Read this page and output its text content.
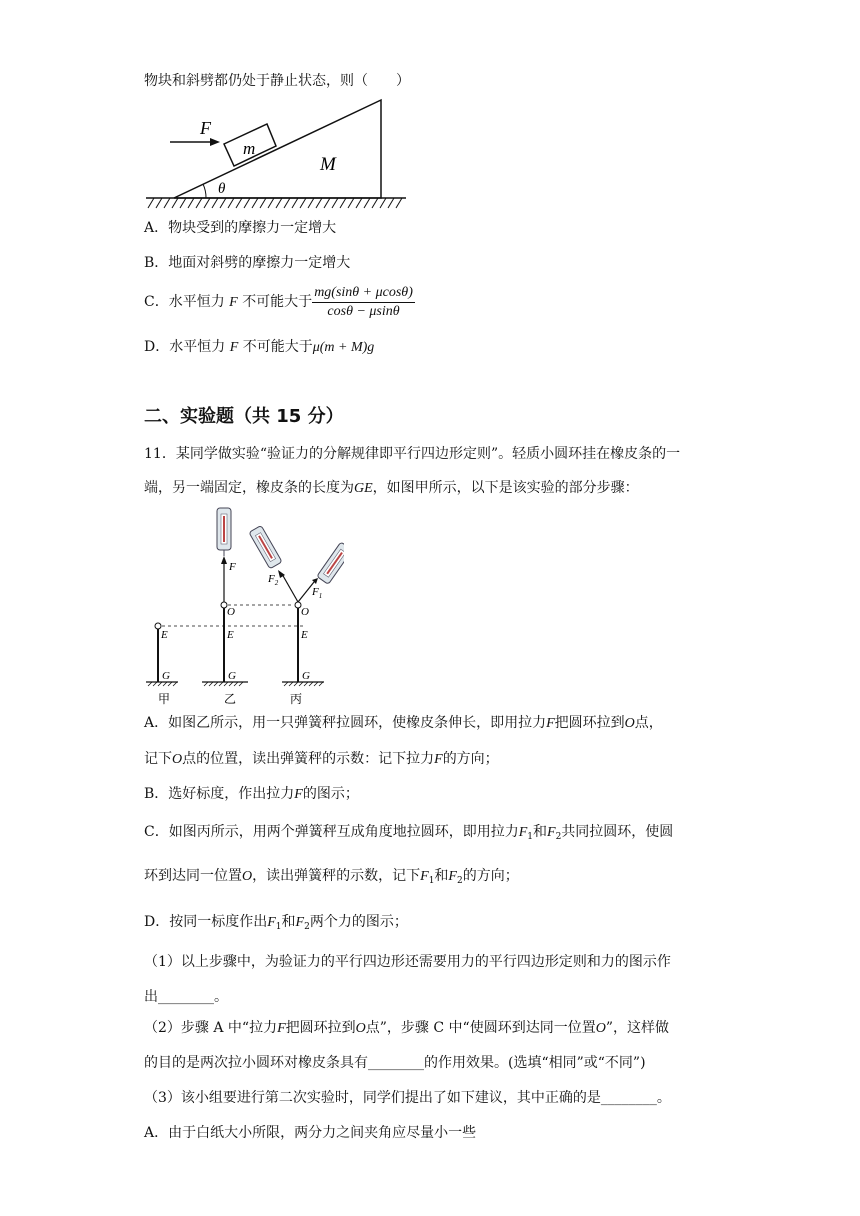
物块和斜劈都仍处于静止状态，则（　　）
F
m
M
θ
A．物块受到的摩擦力一定增大
B．地面对斜劈的摩擦力一定增大
C．水平恒力 F 不可能大于 $\frac{mg(\sin\theta + \mu\cos\theta)}{\cos\theta - \mu\sin\theta}$
D．水平恒力 F 不可能大于μ(m + M)g
二、实验题（共 15 分）
11．某同学做实验“验证力的分解规律即平行四边形定则”。轻质小圆环挂在橡皮条的一
端，另一端固定，橡皮条的长度为GE，如图甲所示，以下是该实验的部分步骤：
F
$F_2$
$F_1$
O	O
E	E	E
G	G	G
甲	乙	丙
A．如图乙所示，用一只弹簧秤拉圆环，使橡皮条伸长，即用拉力F把圆环拉到O点，
记下O点的位置，读出弹簧秤的示数：记下拉力F的方向；
B．选好标度，作出拉力F的图示；
C．如图丙所示，用两个弹簧秤互成角度地拉圆环，即用拉力$F_1$和$F_2$共同拉圆环，使圆
环到达同一位置O，读出弹簧秤的示数，记下$F_1$和$F_2$的方向；
D．按同一标度作出$F_1$和$F_2$两个力的图示；
（1）以上步骤中，为验证力的平行四边形还需要用力的平行四边形定则和力的图示作
出________。
（2）步骤 A 中“拉力F把圆环拉到O点”，步骤 C 中“使圆环到达同一位置O”，这样做
的目的是两次拉小圆环对橡皮条具有________的作用效果。(选填“相同”或“不同”)
（3）该小组要进行第二次实验时，同学们提出了如下建议，其中正确的是________。
A．由于白纸大小所限，两分力之间夹角应尽量小一些
